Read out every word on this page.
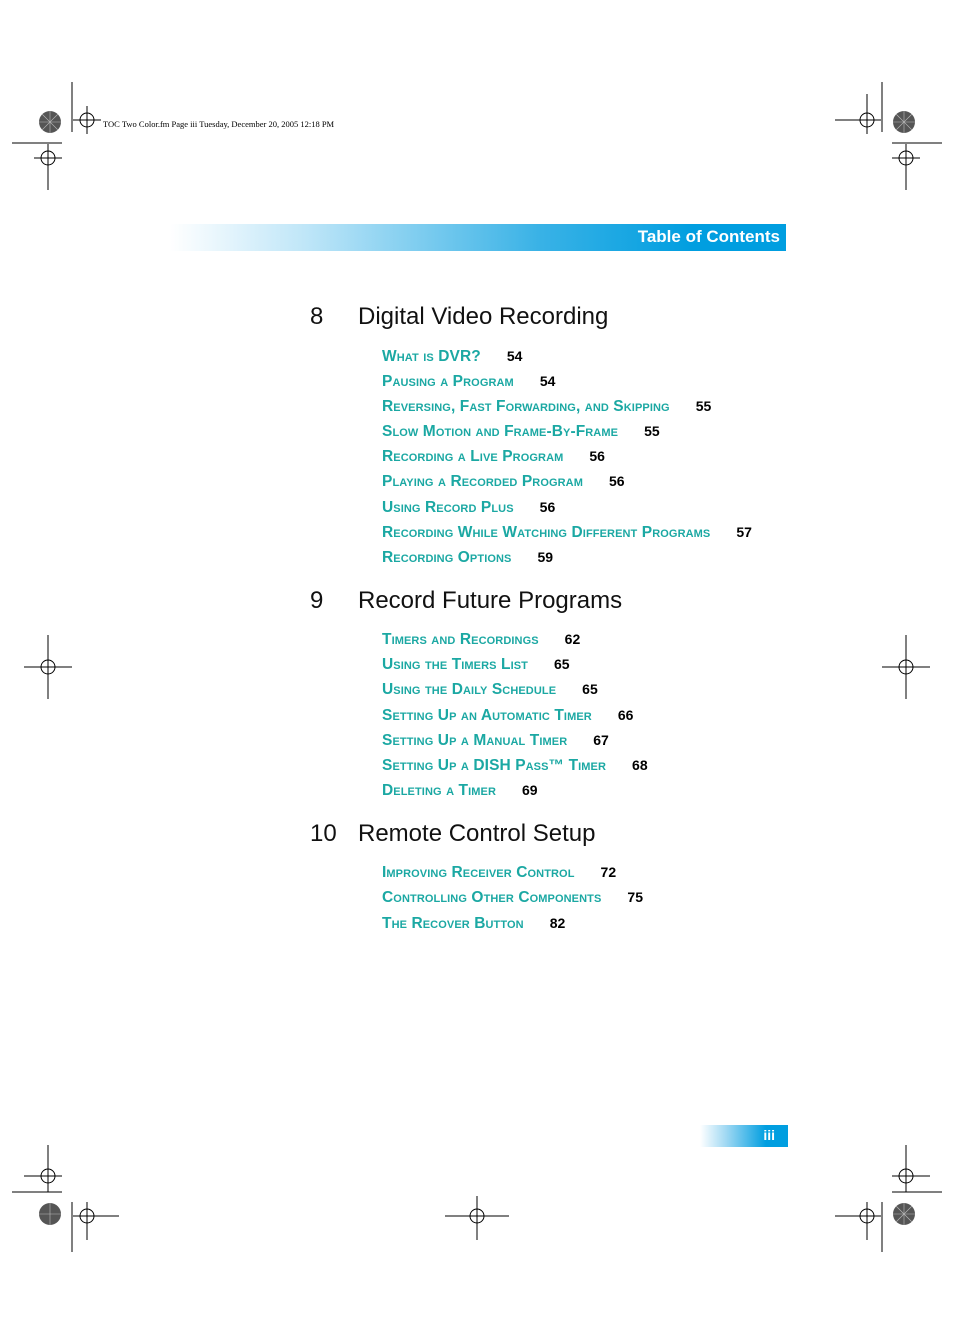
TOC Two Color.fm Page iii Tuesday, December 20, 2005 12:18 PM
Table of Contents
8 Digital Video Recording
What is DVR? 54
Pausing a Program 54
Reversing, Fast Forwarding, and Skipping 55
Slow Motion and Frame-By-Frame 55
Recording a Live Program 56
Playing a Recorded Program 56
Using Record Plus 56
Recording While Watching Different Programs 57
Recording Options 59
9 Record Future Programs
Timers and Recordings 62
Using the Timers List 65
Using the Daily Schedule 65
Setting Up an Automatic Timer 66
Setting Up a Manual Timer 67
Setting Up a DISH Pass™ Timer 68
Deleting a Timer 69
10 Remote Control Setup
Improving Receiver Control 72
Controlling Other Components 75
The Recover Button 82
iii
